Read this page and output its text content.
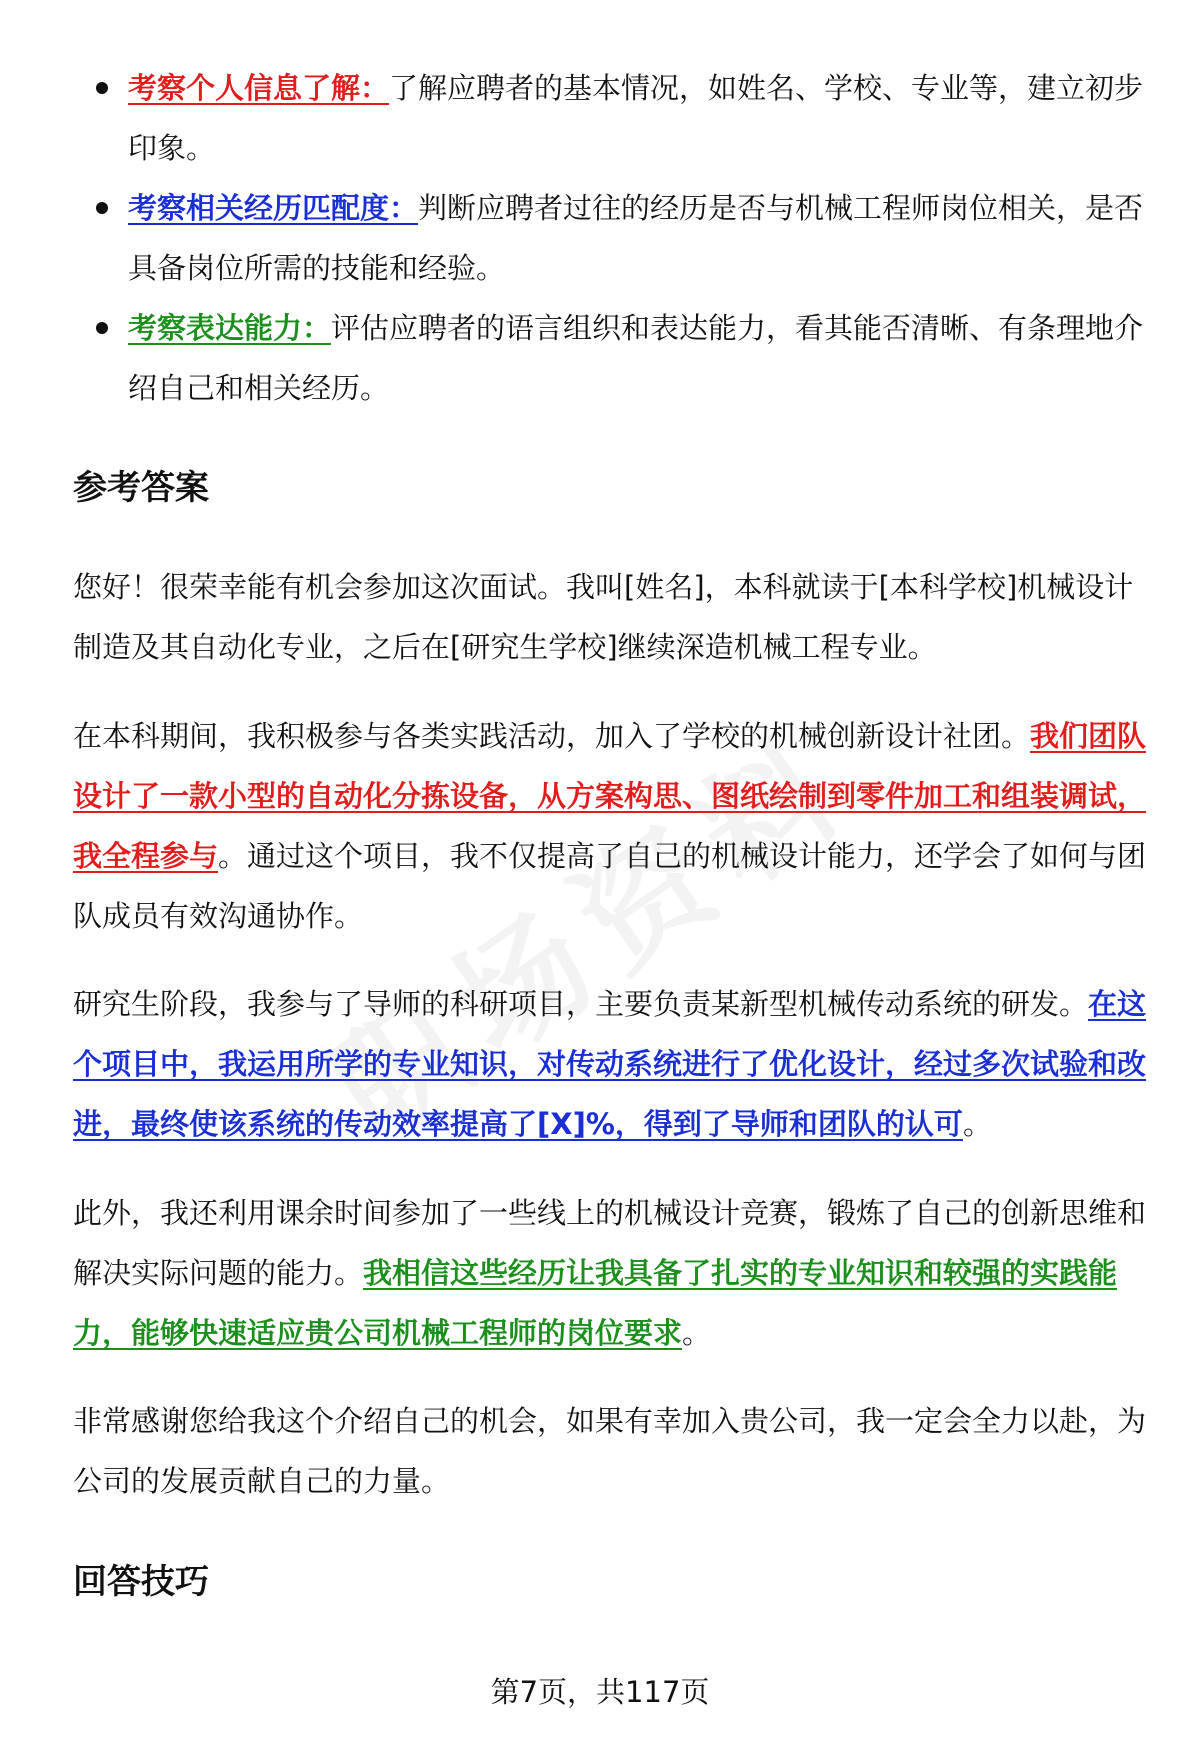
考察个人信息了解：了解应聘者的基本情况，如姓名、学校、专业等，建立初步印象。
考察相关经历匹配度：判断应聘者过往的经历是否与机械工程师岗位相关，是否具备岗位所需的技能和经验。
考察表达能力：评估应聘者的语言组织和表达能力，看其能否清晰、有条理地介绍自己和相关经历。
参考答案

您好！很荣幸能有机会参加这次面试。我叫[姓名]，本科就读于[本科学校]机械设计制造及其自动化专业，之后在[研究生学校]继续深造机械工程专业。

在本科期间，我积极参与各类实践活动，加入了学校的机械创新设计社团。我们团队设计了一款小型的自动化分拣设备，从方案构思、图纸绘制到零件加工和组装调试，我全程参与。通过这个项目，我不仅提高了自己的机械设计能力，还学会了如何与团队成员有效沟通协作。

研究生阶段，我参与了导师的科研项目，主要负责某新型机械传动系统的研发。在这个项目中，我运用所学的专业知识，对传动系统进行了优化设计，经过多次试验和改进，最终使该系统的传动效率提高了[X]%，得到了导师和团队的认可。

此外，我还利用课余时间参加了一些线上的机械设计竞赛，锻炼了自己的创新思维和解决实际问题的能力。我相信这些经历让我具备了扎实的专业知识和较强的实践能力，能够快速适应贵公司机械工程师的岗位要求。

非常感谢您给我这个介绍自己的机会，如果有幸加入贵公司，我一定会全力以赴，为公司的发展贡献自己的力量。

回答技巧
第7页，共117页
